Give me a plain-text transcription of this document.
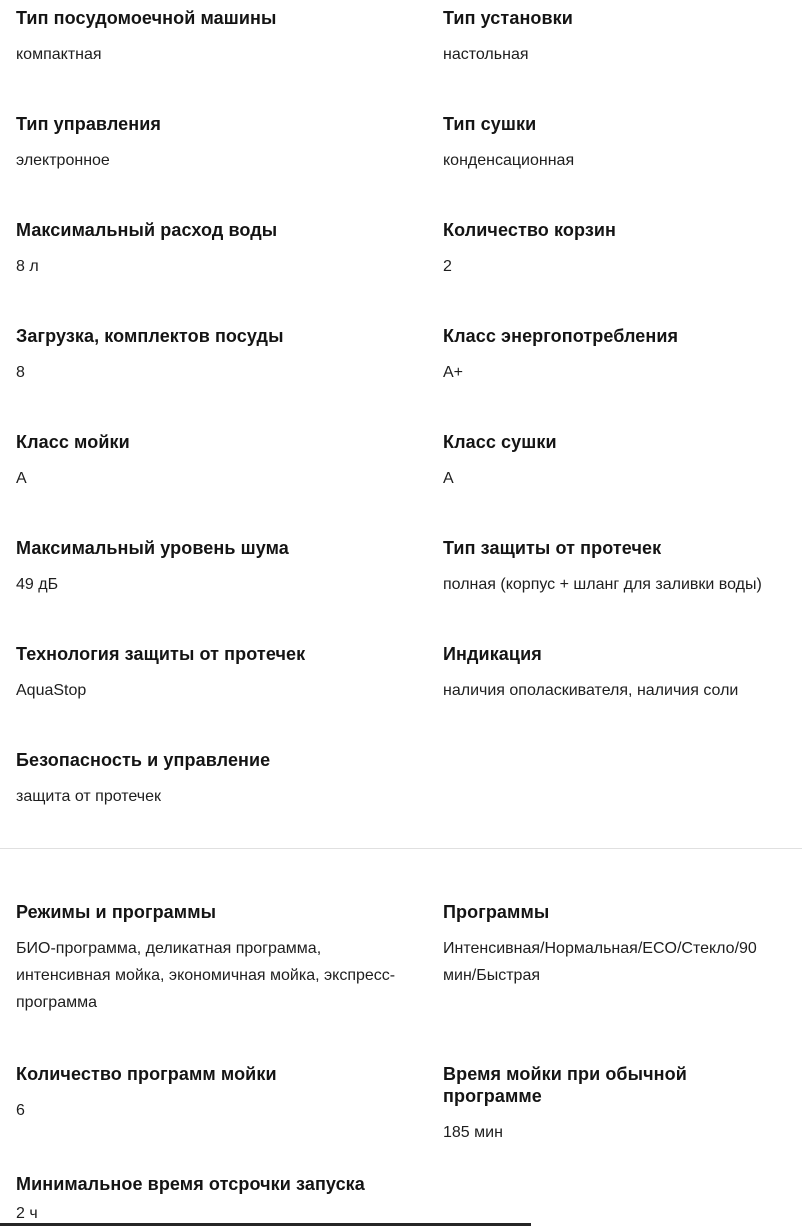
Тип посудомоечной машины
компактная
Тип установки
настольная
Тип управления
электронное
Тип сушки
конденсационная
Максимальный расход воды
8 л
Количество корзин
2
Загрузка, комплектов посуды
8
Класс энергопотребления
А+
Класс мойки
А
Класс сушки
А
Максимальный уровень шума
49 дБ
Тип защиты от протечек
полная (корпус + шланг для заливки воды)
Технология защиты от протечек
AquaStop
Индикация
наличия ополаскивателя, наличия соли
Безопасность и управление
защита от протечек
Режимы и программы
БИО-программа, деликатная программа, интенсивная мойка, экономичная мойка, экспресс-программа
Программы
Интенсивная/Нормальная/ECO/Стекло/90 мин/Быстрая
Количество программ мойки
6
Время мойки при обычной программе
185 мин
Минимальное время отсрочки запуска
2 ч
